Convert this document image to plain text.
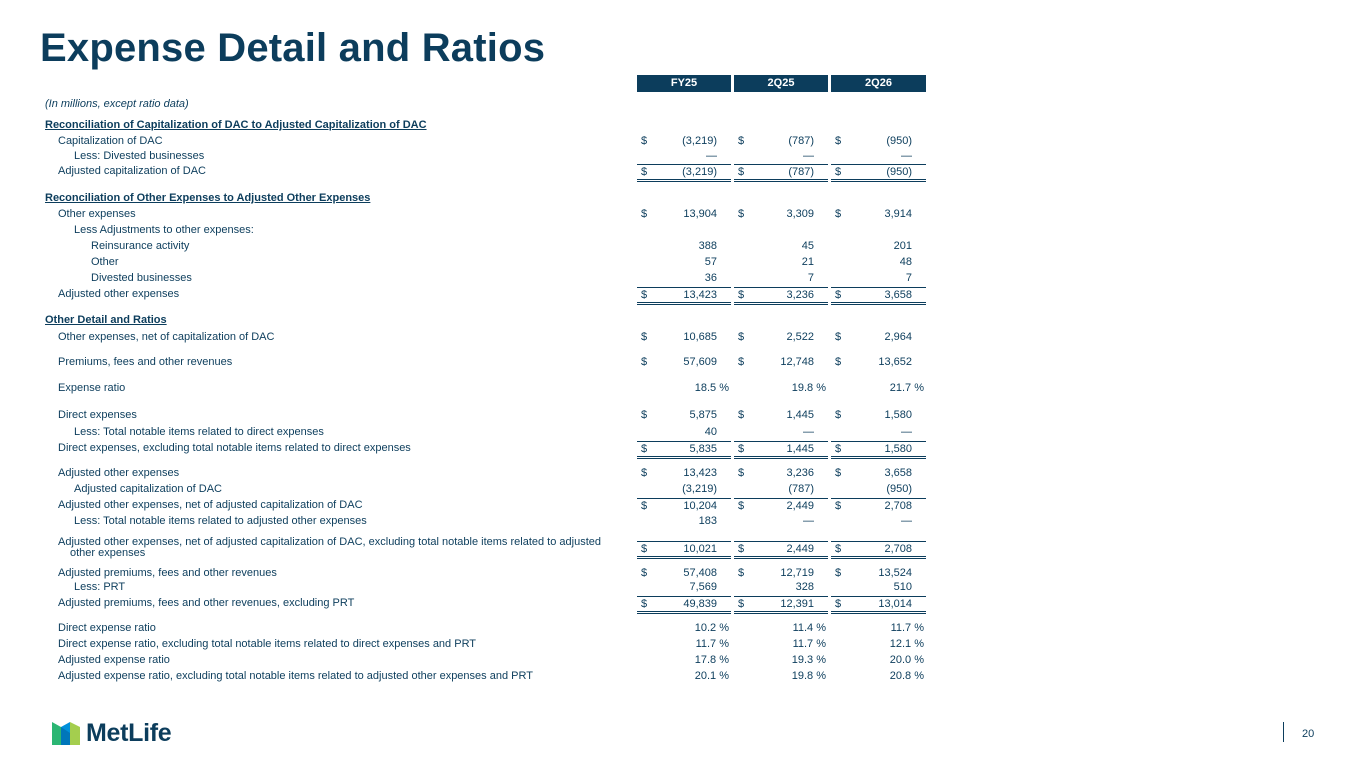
Expense Detail and Ratios
FY25	2Q25	2Q26
(In millions, except ratio data)
Reconciliation of Capitalization of DAC to Adjusted Capitalization of DAC
Capitalization of DAC	$	(3,219) $	(787) $	(950)
Less: Divested businesses	—	—	—
Adjusted capitalization of DAC	$	(3,219) $	(787) $	(950)
Reconciliation of Other Expenses to Adjusted Other Expenses
Other expenses	$	13,904 $	3,309 $	3,914
Less Adjustments to other expenses:
Reinsurance activity	388	45	201
Other	57	21	48
Divested businesses	36	7	7
Adjusted other expenses	$	13,423 $	3,236 $	3,658
Other Detail and Ratios
Other expenses, net of capitalization of DAC	$	10,685 $	2,522 $	2,964
Premiums, fees and other revenues	$	57,609 $	12,748 $	13,652
Expense ratio	18.5 %	19.8 %	21.7 %
Direct expenses	$	5,875 $	1,445 $	1,580
Less: Total notable items related to direct expenses	40	—	—
Direct expenses, excluding total notable items related to direct expenses	$	5,835 $	1,445 $	1,580
Adjusted other expenses	$	13,423 $	3,236 $	3,658
Adjusted capitalization of DAC	(3,219)	(787)	(950)
Adjusted other expenses, net of adjusted capitalization of DAC	$	10,204 $	2,449 $	2,708
Less: Total notable items related to adjusted other expenses	183	—	—
Adjusted other expenses, net of adjusted capitalization of DAC, excluding total notable items related to adjusted
other expenses	$	10,021 $	2,449 $	2,708
Adjusted premiums, fees and other revenues	$	57,408 $	12,719 $	13,524
Less: PRT	7,569	328	510
Adjusted premiums, fees and other revenues, excluding PRT	$	49,839 $	12,391 $	13,014
Direct expense ratio	10.2 %	11.4 %	11.7 %
Direct expense ratio, excluding total notable items related to direct expenses and PRT	11.7 %	11.7 %	12.1 %
Adjusted expense ratio	17.8 %	19.3 %	20.0 %
Adjusted expense ratio, excluding total notable items related to adjusted other expenses and PRT	20.1 %	19.8 %	20.8 %
MetLife	20
